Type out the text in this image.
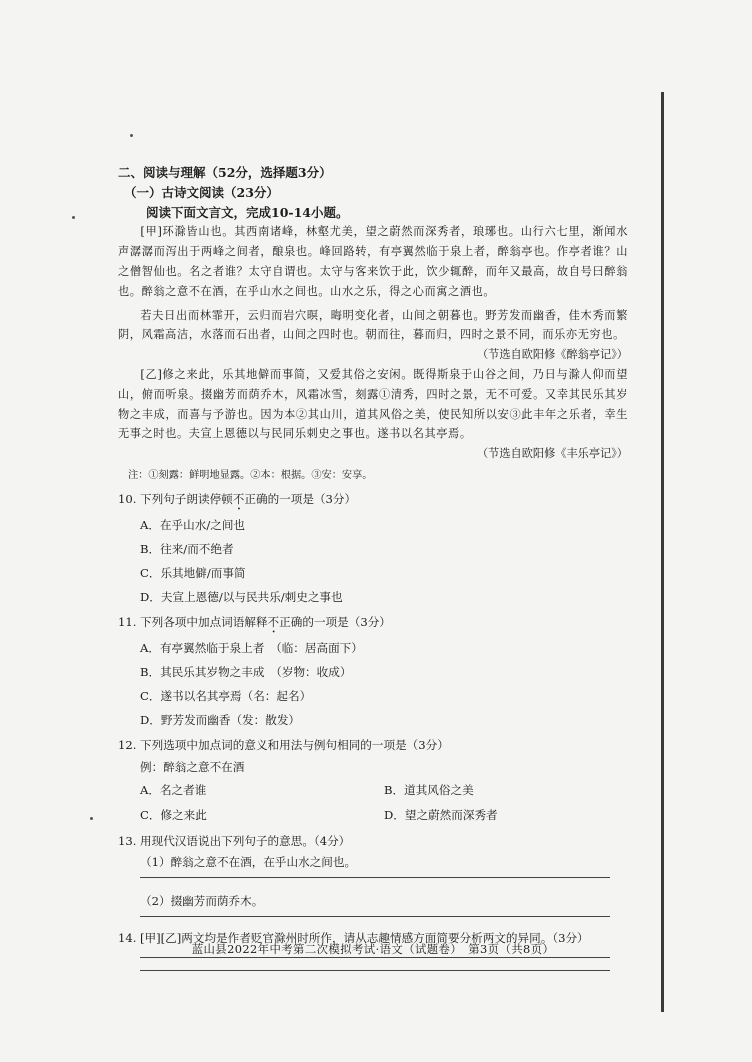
二、阅读与理解（52分，选择题3分）

（一）古诗文阅读（23分）

阅读下面文言文，完成10-14小题。

[甲]环滁皆山也。其西南诸峰，林壑尤美，望之蔚然而深秀者，琅琊也。山行六七里，渐闻水声潺潺而泻出于两峰之间者，酿泉也。峰回路转，有亭翼然临于泉上者，醉翁亭也。作亭者谁？山之僧智仙也。名之者谁？太守自谓也。太守与客来饮于此，饮少辄醉，而年又最高，故自号曰醉翁也。醉翁之意不在酒，在乎山水之间也。山水之乐，得之心而寓之酒也。

若夫日出而林霏开，云归而岩穴暝，晦明变化者，山间之朝暮也。野芳发而幽香，佳木秀而繁阴，风霜高洁，水落而石出者，山间之四时也。朝而往，暮而归，四时之景不同，而乐亦无穷也。

（节选自欧阳修《醉翁亭记》）

[乙]修之来此，乐其地僻而事简，又爱其俗之安闲。既得斯泉于山谷之间，乃日与滁人仰而望山，俯而听泉。掇幽芳而荫乔木，风霜冰雪，刻露①清秀，四时之景，无不可爱。又幸其民乐其岁物之丰成，而喜与予游也。因为本②其山川，道其风俗之美，使民知所以安③此丰年之乐者，幸生无事之时也。夫宣上恩德以与民同乐刺史之事也。遂书以名其亭焉。

（节选自欧阳修《丰乐亭记》）

注：①刻露：鲜明地显露。②本：根据。③安：安享。

10. 下列句子朗读停顿不正确的一项是（3分）
A．在乎山水/之间也
B．往来/而不绝者
C．乐其地僻/而事简
D．夫宣上恩德/以与民共乐/刺史之事也
11. 下列各项中加点词语解释不正确的一项是（3分）
A．有亭翼然临于泉上者　（临：居高面下）
B．其民乐其岁物之丰成　（岁物：收成）
C．遂书以名其亭焉（名：起名）
D．野芳发而幽香（发：散发）
12. 下列选项中加点词的意义和用法与例句相同的一项是（3分）
例：醉翁之意不在酒
A．名之者谁	B．道其风俗之美
C．修之来此	D．望之蔚然而深秀者
13. 用现代汉语说出下列句子的意思。（4分）
（1）醉翁之意不在酒，在乎山水之间也。
（2）掇幽芳而荫乔木。
14. [甲][乙]两文均是作者贬官滁州时所作，请从志趣情感方面简要分析两文的异同。（3分）
蓝山县2022年中考第二次模拟考试·语文（试题卷）　第3页（共8页）
